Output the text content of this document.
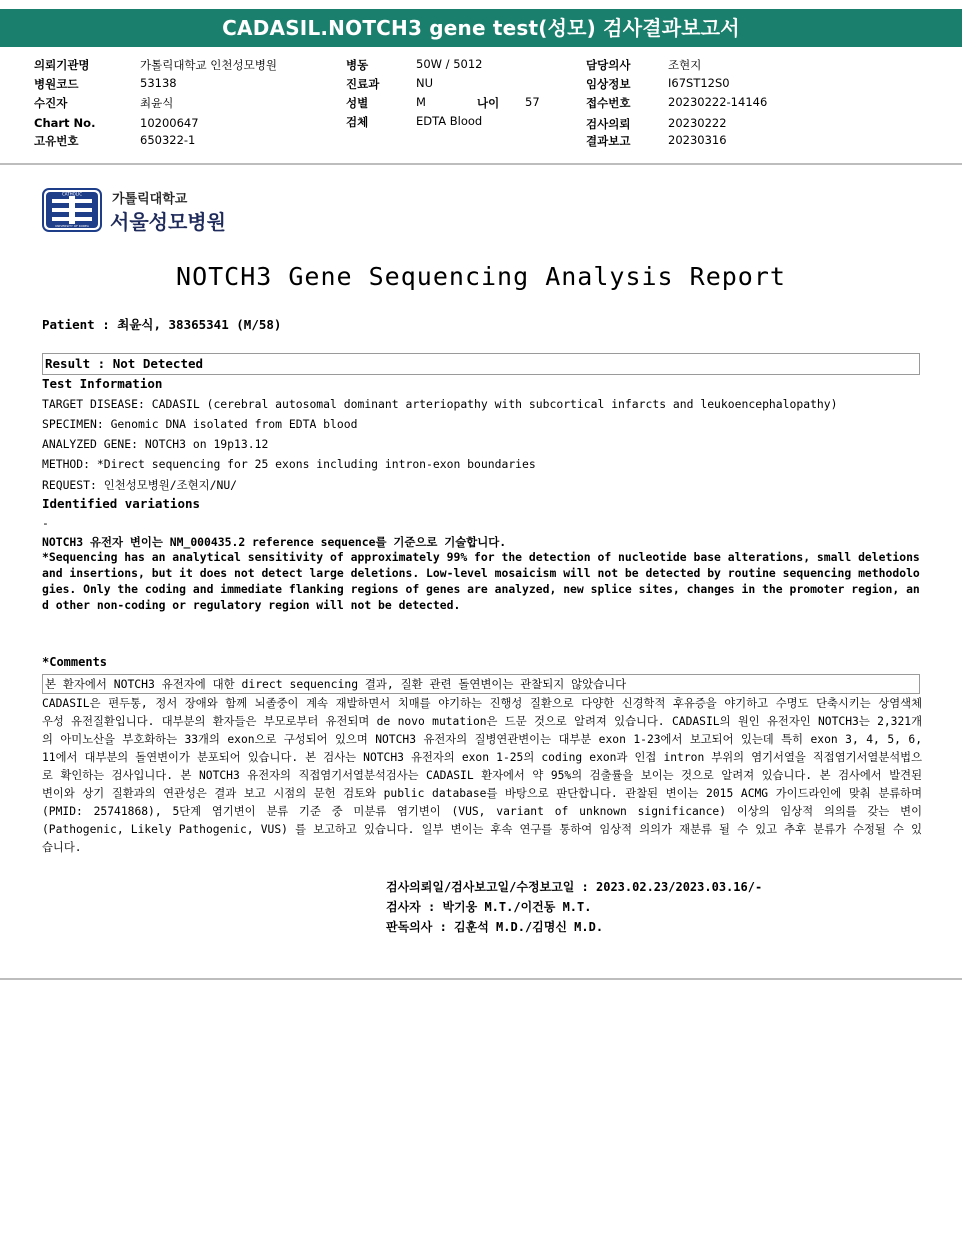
CADASIL.NOTCH3 gene test(성모) 검사결과보고서
의뢰기관명	가톨릭대학교 인천성모병원
병원코드	53138
수진자	최윤식
Chart No.	10200647
고유번호	650322-1
병동	50W / 5012
진료과	NU
성별	M	나이 57
검체	EDTA Blood
담당의사	조현지
임상정보	I67ST12S0
접수번호	20230222-14146
검사의뢰	20230222
결과보고	20230316
CATHOLIC
UNIVERSITY OF KOREA
가톨릭대학교
서울성모병원
NOTCH3 Gene Sequencing Analysis Report
Patient : 최윤식, 38365341 (M/58)
Result : Not Detected
Test Information
TARGET DISEASE: CADASIL (cerebral autosomal dominant arteriopathy with subcortical infarcts and leukoencephalopathy)
SPECIMEN: Genomic DNA isolated from EDTA blood
ANALYZED GENE: NOTCH3 on 19p13.12
METHOD: *Direct sequencing for 25 exons including intron-exon boundaries
REQUEST: 인천성모병원/조현지/NU/
Identified variations
-
NOTCH3 유전자 변이는 NM_000435.2 reference sequence를 기준으로 기술합니다.
*Sequencing has an analytical sensitivity of approximately 99% for the detection of nucleotide base alterations, small deletions and insertions, but it does not detect large deletions. Low-level mosaicism will not be detected by routine sequencing methodologies. Only the coding and immediate flanking regions of genes are analyzed, new splice sites, changes in the promoter region, and other non-coding or regulatory region will not be detected.
*Comments
본 환자에서 NOTCH3 유전자에 대한 direct sequencing 결과, 질환 관련 돌연변이는 관찰되지 않았습니다
CADASIL은 편두통, 정서 장애와 함께 뇌졸중이 계속 재발하면서 치매를 야기하는 진행성 질환으로 다양한 신경학적 후유증을 야기하고 수명도 단축시키는 상염색체 우성 유전질환입니다. 대부분의 환자들은 부모로부터 유전되며 de novo mutation은 드문 것으로 알려져 있습니다. CADASIL의 원인 유전자인 NOTCH3는 2,321개의 아미노산을 부호화하는 33개의 exon으로 구성되어 있으며 NOTCH3 유전자의 질병연관변이는 대부분 exon 1-23에서 보고되어 있는데 특히 exon 3, 4, 5, 6, 11에서 대부분의 돌연변이가 분포되어 있습니다. 본 검사는 NOTCH3 유전자의 exon 1-25의 coding exon과 인접 intron 부위의 염기서열을 직접염기서열분석법으로 확인하는 검사입니다. 본 NOTCH3 유전자의 직접염기서열분석검사는 CADASIL 환자에서 약 95%의 검출률을 보이는 것으로 알려져 있습니다. 본 검사에서 발견된 변이와 상기 질환과의 연관성은 결과 보고 시점의 문헌 검토와 public database를 바탕으로 판단합니다. 관찰된 변이는 2015 ACMG 가이드라인에 맞춰 분류하며 (PMID: 25741868), 5단계 염기변이 분류 기준 중 미분류 염기변이 (VUS, variant of unknown significance) 이상의 임상적 의의를 갖는 변이 (Pathogenic, Likely Pathogenic, VUS) 를 보고하고 있습니다. 일부 변이는 후속 연구를 통하여 임상적 의의가 재분류 될 수 있고 추후 분류가 수정될 수 있습니다.
검사의뢰일/검사보고일/수정보고일 : 2023.02.23/2023.03.16/-
검사자 : 박기웅 M.T./이건동 M.T.
판독의사 : 김훈석 M.D./김명신 M.D.
